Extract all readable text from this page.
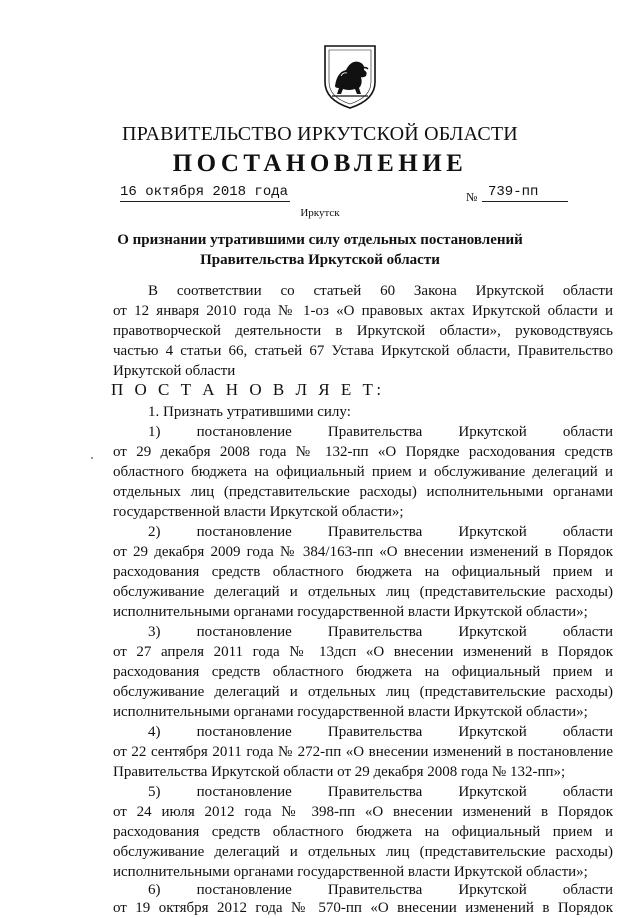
ПРАВИТЕЛЬСТВО ИРКУТСКОЙ ОБЛАСТИ
ПОСТАНОВЛЕНИЕ
16 октября 2018 года	№ 739-пп
Иркутск
О признании утратившими силу отдельных постановлений
Правительства Иркутской области
В соответствии со статьей 60 Закона Иркутской области
от 12 января 2010 года № 1-оз «О правовых актах Иркутской области и
правотворческой деятельности в Иркутской области», руководствуясь
частью 4 статьи 66, статьей 67 Устава Иркутской области, Правительство
Иркутской области
П О С Т А Н О В Л Я Е Т:
1. Признать утратившими силу:
1) постановление Правительства Иркутской области
от 29 декабря 2008 года № 132-пп «О Порядке расходования средств
областного бюджета на официальный прием и обслуживание делегаций и
отдельных лиц (представительские расходы) исполнительными органами
государственной власти Иркутской области»;
2) постановление Правительства Иркутской области
от 29 декабря 2009 года № 384/163-пп «О внесении изменений в Порядок
расходования средств областного бюджета на официальный прием и
обслуживание делегаций и отдельных лиц (представительские расходы)
исполнительными органами государственной власти Иркутской области»;
3) постановление Правительства Иркутской области
от 27 апреля 2011 года № 13дсп «О внесении изменений в Порядок
расходования средств областного бюджета на официальный прием и
обслуживание делегаций и отдельных лиц (представительские расходы)
исполнительными органами государственной власти Иркутской области»;
4) постановление Правительства Иркутской области
от 22 сентября 2011 года № 272-пп «О внесении изменений в постановление
Правительства Иркутской области от 29 декабря 2008 года № 132-пп»;
5) постановление Правительства Иркутской области
от 24 июля 2012 года № 398-пп «О внесении изменений в Порядок
расходования средств областного бюджета на официальный прием и
обслуживание делегаций и отдельных лиц (представительские расходы)
исполнительными органами государственной власти Иркутской области»;
6) постановление Правительства Иркутской области
от 19 октября 2012 года № 570-пп «О внесении изменений в Порядок
